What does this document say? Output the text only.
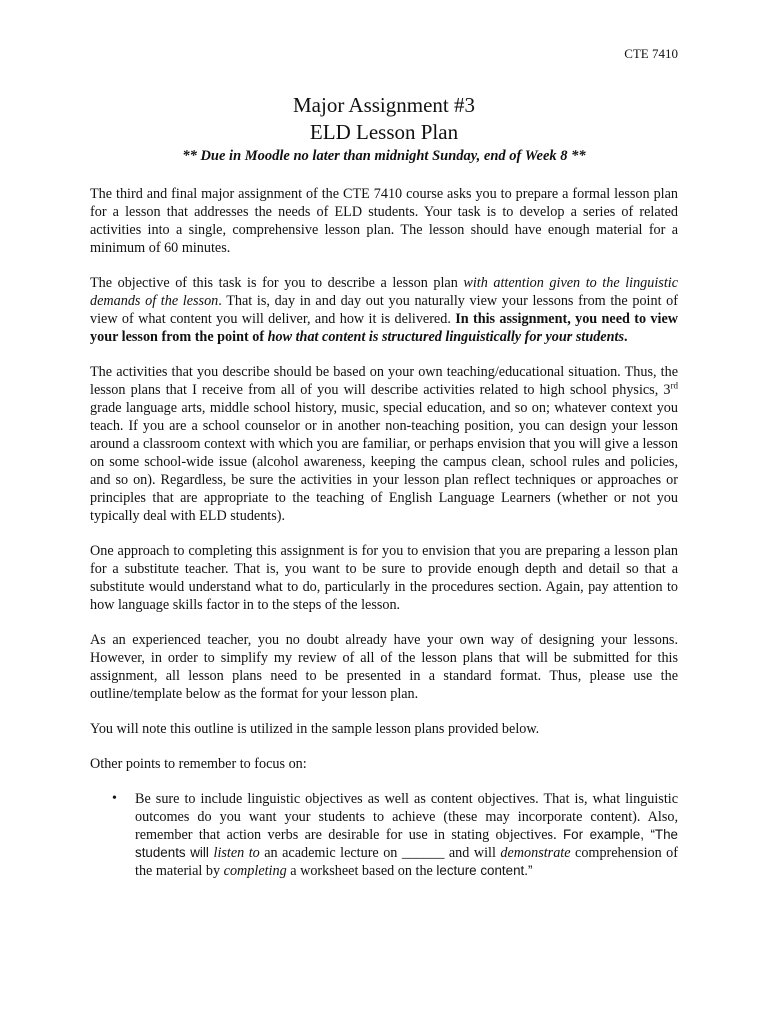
CTE 7410
Major Assignment #3
ELD Lesson Plan
** Due in Moodle no later than midnight Sunday, end of Week 8 **

The third and final major assignment of the CTE 7410 course asks you to prepare a formal lesson plan for a lesson that addresses the needs of ELD students. Your task is to develop a series of related activities into a single, comprehensive lesson plan. The lesson should have enough material for a minimum of 60 minutes.

The objective of this task is for you to describe a lesson plan with attention given to the linguistic demands of the lesson. That is, day in and day out you naturally view your lessons from the point of view of what content you will deliver, and how it is delivered. In this assignment, you need to view your lesson from the point of how that content is structured linguistically for your students.

The activities that you describe should be based on your own teaching/educational situation. Thus, the lesson plans that I receive from all of you will describe activities related to high school physics, 3rd grade language arts, middle school history, music, special education, and so on; whatever context you teach. If you are a school counselor or in another non-teaching position, you can design your lesson around a classroom context with which you are familiar, or perhaps envision that you will give a lesson on some school-wide issue (alcohol awareness, keeping the campus clean, school rules and policies, and so on). Regardless, be sure the activities in your lesson plan reflect techniques or approaches or principles that are appropriate to the teaching of English Language Learners (whether or not you typically deal with ELD students).

One approach to completing this assignment is for you to envision that you are preparing a lesson plan for a substitute teacher. That is, you want to be sure to provide enough depth and detail so that a substitute would understand what to do, particularly in the procedures section. Again, pay attention to how language skills factor in to the steps of the lesson.

As an experienced teacher, you no doubt already have your own way of designing your lessons. However, in order to simplify my review of all of the lesson plans that will be submitted for this assignment, all lesson plans need to be presented in a standard format. Thus, please use the outline/template below as the format for your lesson plan.

You will note this outline is utilized in the sample lesson plans provided below.

Other points to remember to focus on:

• Be sure to include linguistic objectives as well as content objectives. That is, what linguistic outcomes do you want your students to achieve (these may incorporate content). Also, remember that action verbs are desirable for use in stating objectives. For example, “The students will listen to an academic lecture on ______ and will demonstrate comprehension of the material by completing a worksheet based on the lecture content.”
